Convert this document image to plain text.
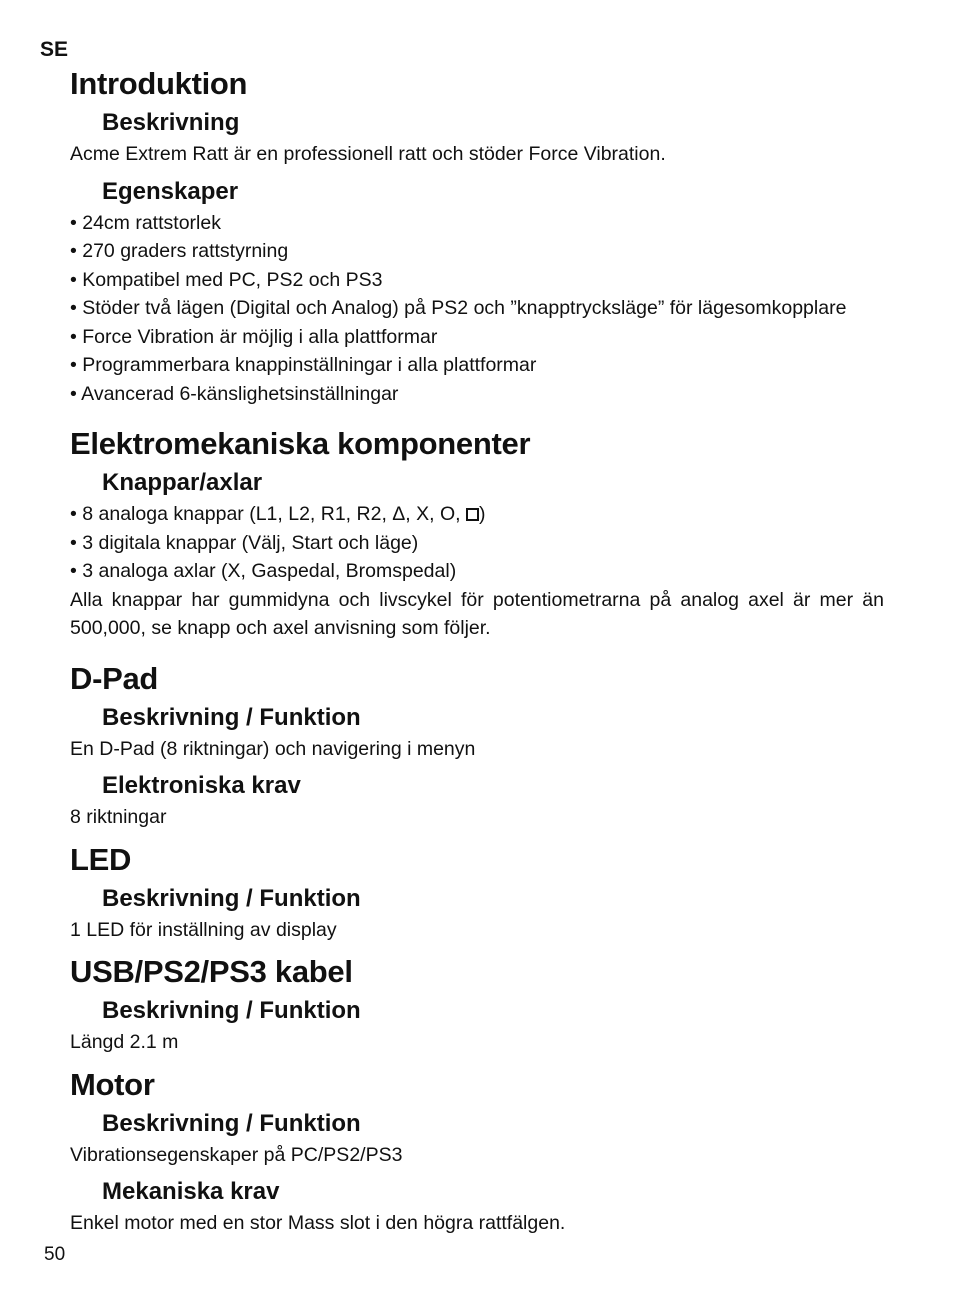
SE
Introduktion
Beskrivning

Acme Extrem Ratt är en professionell ratt och stöder Force Vibration.

Egenskaper

• 24cm rattstorlek

• 270 graders rattstyrning

• Kompatibel med PC, PS2 och PS3

• Stöder två lägen (Digital och Analog) på PS2 och ”knapptrycksläge” för lägesomkopplare

• Force Vibration är möjlig i alla plattformar

• Programmerbara knappinställningar i alla plattformar

• Avancerad 6-känslighetsinställningar

Elektromekaniska komponenter
Knappar/axlar

• 8 analoga knappar (L1, L2, R1, R2, Δ, X, O, )

• 3 digitala knappar (Välj, Start och läge)

• 3 analoga axlar (X, Gaspedal, Bromspedal)

Alla knappar har gummidyna och livscykel för potentiometrarna på analog axel är mer än 500,000, se knapp och axel anvisning som följer.

D-Pad
Beskrivning / Funktion

En D-Pad (8 riktningar) och navigering i menyn

Elektroniska krav

8 riktningar

LED
Beskrivning / Funktion

1 LED för inställning av display

USB/PS2/PS3 kabel
Beskrivning / Funktion

Längd 2.1 m

Motor
Beskrivning / Funktion

Vibrationsegenskaper på PC/PS2/PS3

Mekaniska krav

Enkel motor med en stor Mass slot i den högra rattfälgen.

50
